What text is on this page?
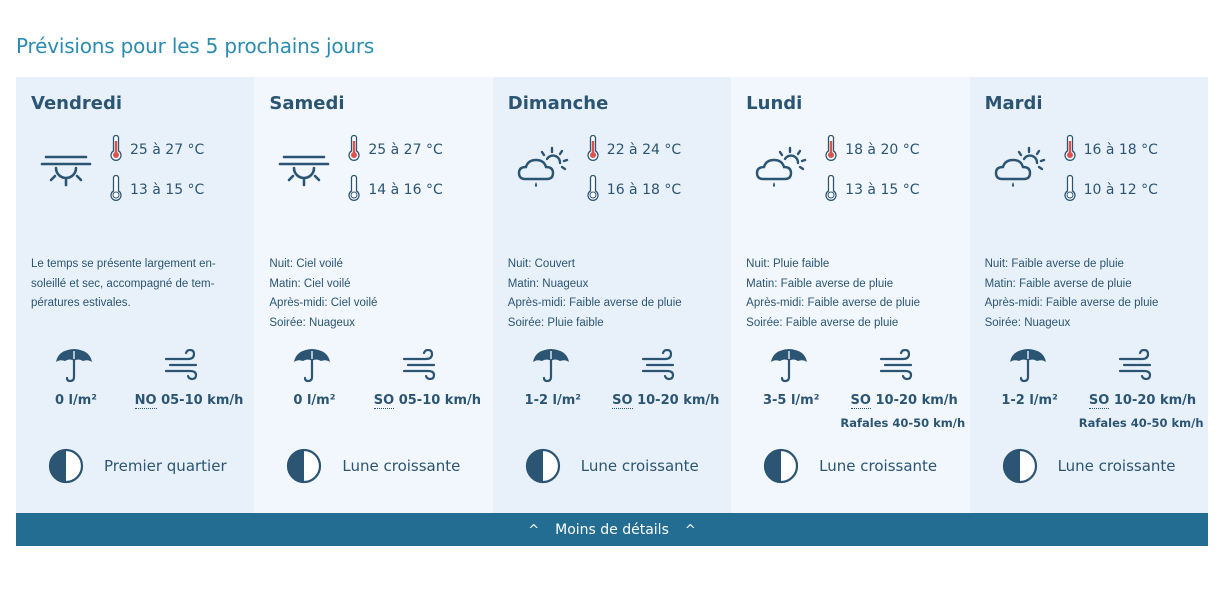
Prévisions pour les 5 prochains jours
Vendredi
25 à 27 °C
13 à 15 °C
Le temps se présente largement en-
soleillé et sec, accompagné de tem-
pératures estivales.
0 l/m²	NO 05-10 km/h
Premier quartier
Samedi
25 à 27 °C
14 à 16 °C
Nuit: Ciel voilé
Matin: Ciel voilé
Après-midi: Ciel voilé
Soirée: Nuageux
0 l/m²	SO 05-10 km/h
Lune croissante
Dimanche
22 à 24 °C
16 à 18 °C
Nuit: Couvert
Matin: Nuageux
Après-midi: Faible averse de pluie
Soirée: Pluie faible
1-2 l/m²	SO 10-20 km/h
Lune croissante
Lundi
18 à 20 °C
13 à 15 °C
Nuit: Pluie faible
Matin: Faible averse de pluie
Après-midi: Faible averse de pluie
Soirée: Faible averse de pluie
3-5 l/m²	SO 10-20 km/h
Rafales 40-50 km/h
Lune croissante
Mardi
16 à 18 °C
10 à 12 °C
Nuit: Faible averse de pluie
Matin: Faible averse de pluie
Après-midi: Faible averse de pluie
Soirée: Nuageux
1-2 l/m²	SO 10-20 km/h
Rafales 40-50 km/h
Lune croissante
^ Moins de détails ^
